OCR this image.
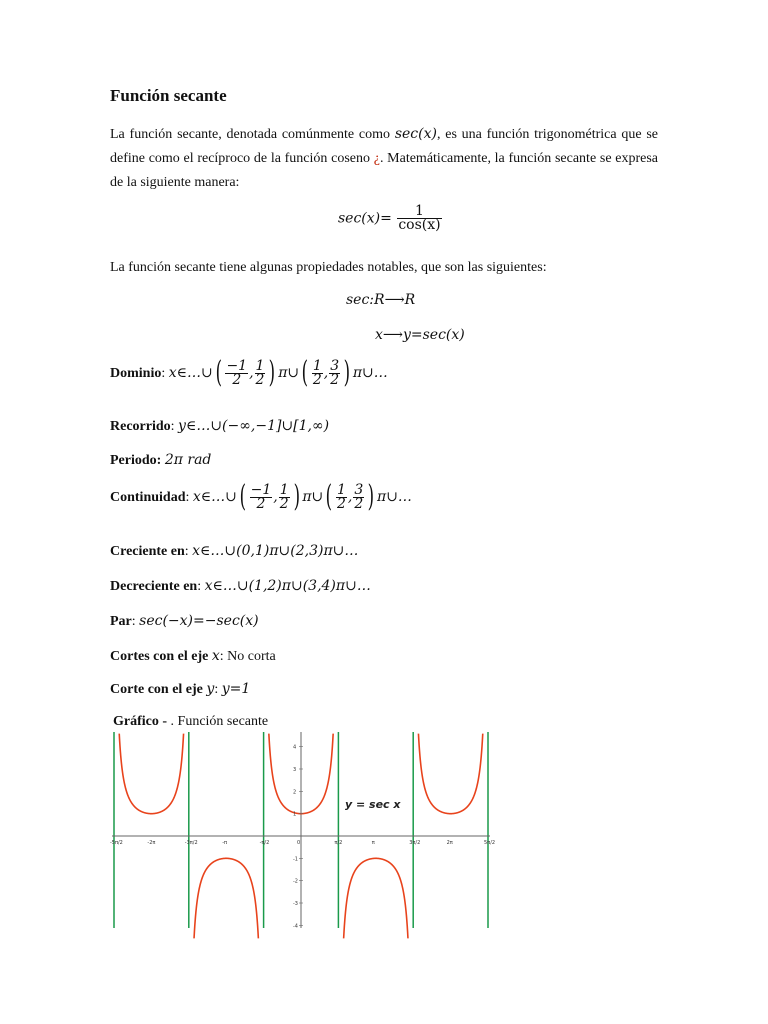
Función secante
La función secante, denotada comúnmente como sec(x), es una función trigonométrica que se define como el recíproco de la función coseno ¿. Matemáticamente, la función secante se expresa de la siguiente manera:
$\sec(x)= \frac{1}{\cos(x)}$
La función secante tiene algunas propiedades notables, que son las siguientes:
sec:R⟶R
x⟶y=sec(x)
Dominio: x∈…∪( $\frac{-1}{2}$ , $\frac{1}{2}$ ) π∪( $\frac{1}{2}$ , $\frac{3}{2}$ ) π∪…
Recorrido: y∈…∪(−∞,−1]∪[1,∞)
Periodo: 2π rad
Continuidad: x∈…∪( $\frac{-1}{2}$ , $\frac{1}{2}$ ) π∪( $\frac{1}{2}$ , $\frac{3}{2}$ ) π∪…
Creciente en: x∈…∪(0,1)π∪(2,3)π∪…
Decreciente en: x∈…∪(1,2)π∪(3,4)π∪…
Par: sec(−x)=−sec(x)
Cortes con el eje x: No corta
Corte con el eje y: y=1
Gráfico - . Función secante
4
3
2
1
-1
-2
-3
-4
-5π/2	-2π	-3π/2	-π	-π/2	0	π/2	π	3π/2	2π	5π/2
y = sec x
